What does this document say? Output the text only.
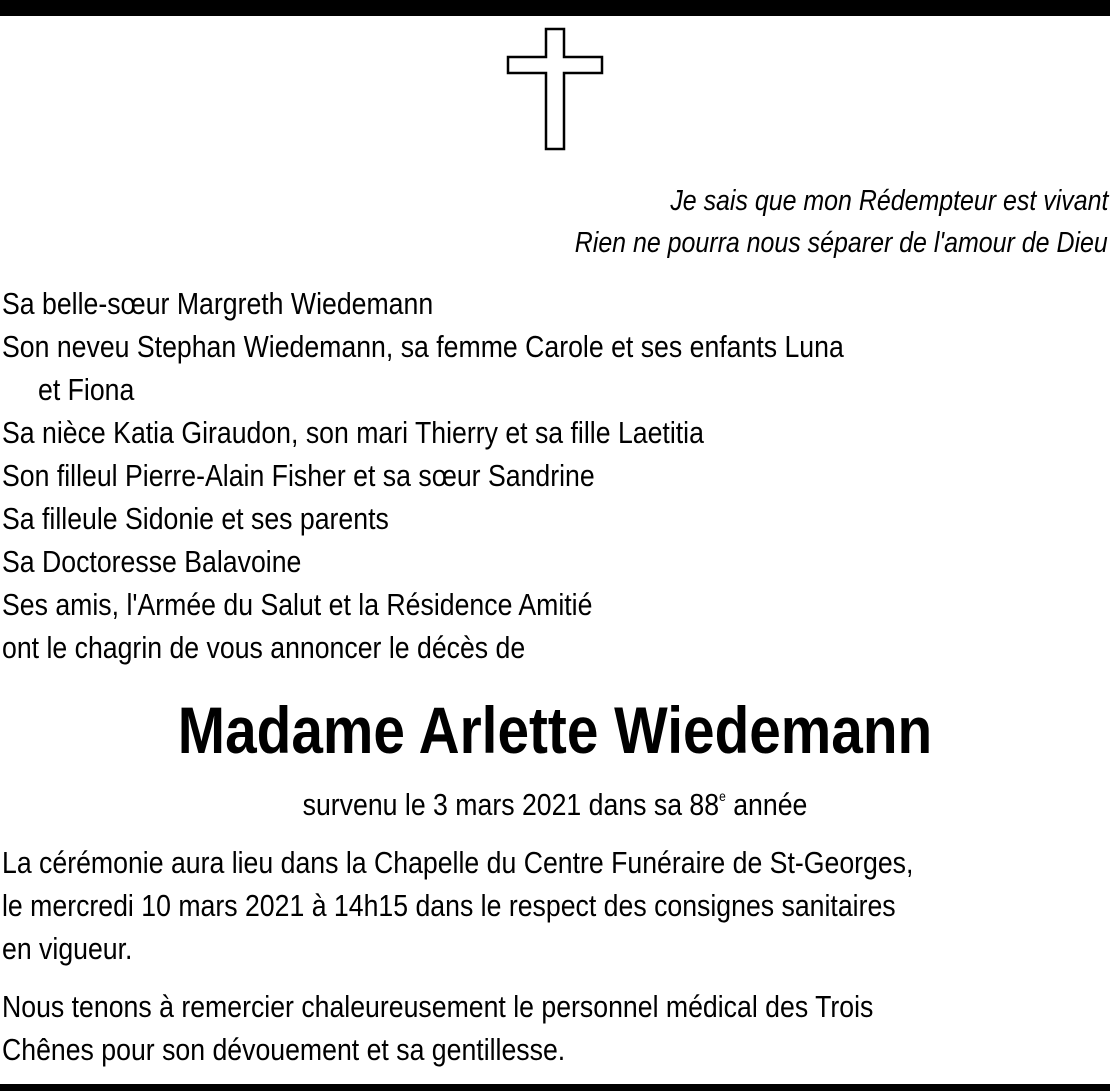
Je sais que mon Rédempteur est vivant
Rien ne pourra nous séparer de l'amour de Dieu
Sa belle-sœur Margreth Wiedemann
Son neveu Stephan Wiedemann, sa femme Carole et ses enfants Luna
et Fiona
Sa nièce Katia Giraudon, son mari Thierry et sa fille Laetitia
Son filleul Pierre-Alain Fisher et sa sœur Sandrine
Sa filleule Sidonie et ses parents
Sa Doctoresse Balavoine
Ses amis, l'Armée du Salut et la Résidence Amitié
ont le chagrin de vous annoncer le décès de
Madame Arlette Wiedemann
survenu le 3 mars 2021 dans sa 88e année
La cérémonie aura lieu dans la Chapelle du Centre Funéraire de St-Georges,
le mercredi 10 mars 2021 à 14h15 dans le respect des consignes sanitaires
en vigueur.
Nous tenons à remercier chaleureusement le personnel médical des Trois
Chênes pour son dévouement et sa gentillesse.
